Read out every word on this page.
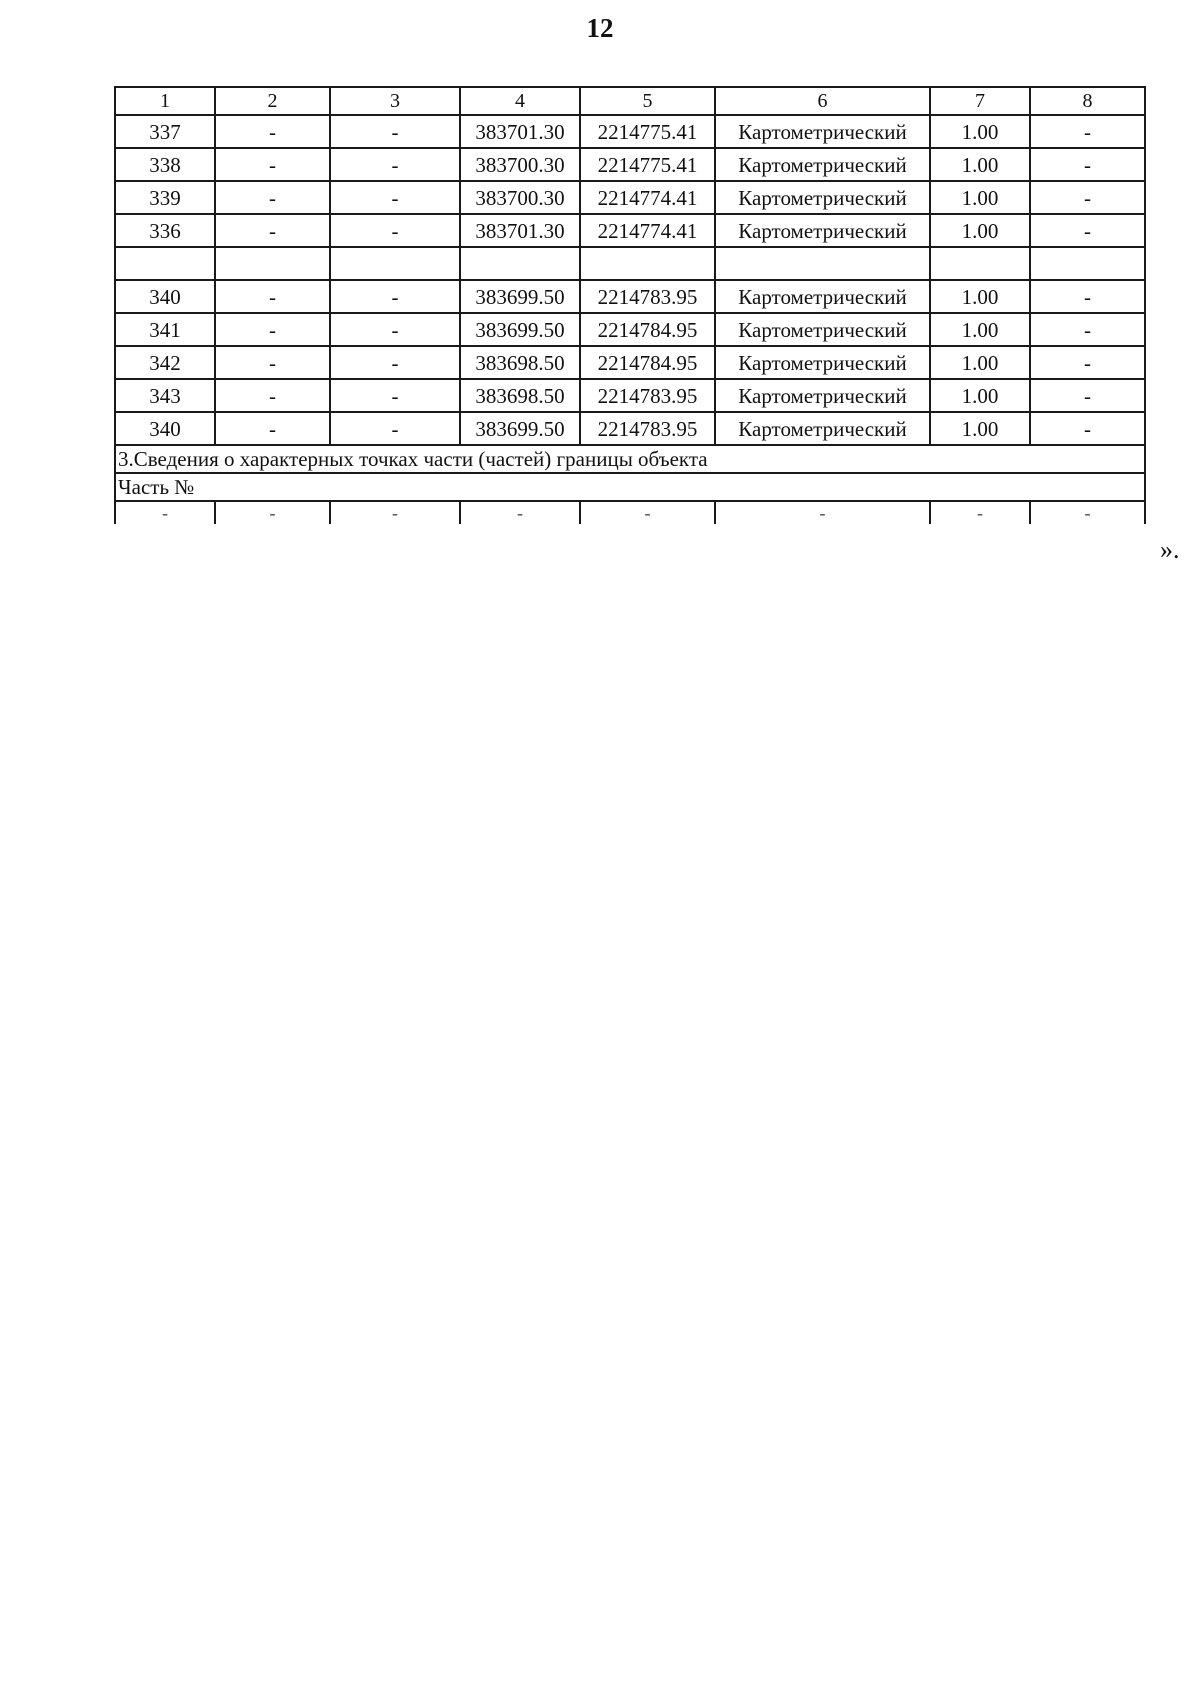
12
1	2	3	4	5	6	7	8
337	-	-	383701.30	2214775.41	Картометрический	1.00	-
338	-	-	383700.30	2214775.41	Картометрический	1.00	-
339	-	-	383700.30	2214774.41	Картометрический	1.00	-
336	-	-	383701.30	2214774.41	Картометрический	1.00	-

340	-	-	383699.50	2214783.95	Картометрический	1.00	-
341	-	-	383699.50	2214784.95	Картометрический	1.00	-
342	-	-	383698.50	2214784.95	Картометрический	1.00	-
343	-	-	383698.50	2214783.95	Картометрический	1.00	-
340	-	-	383699.50	2214783.95	Картометрический	1.00	-
3.Сведения о характерных точках части (частей) границы объекта							
Часть №							
-	-	-	-	-	-	-	-
».
